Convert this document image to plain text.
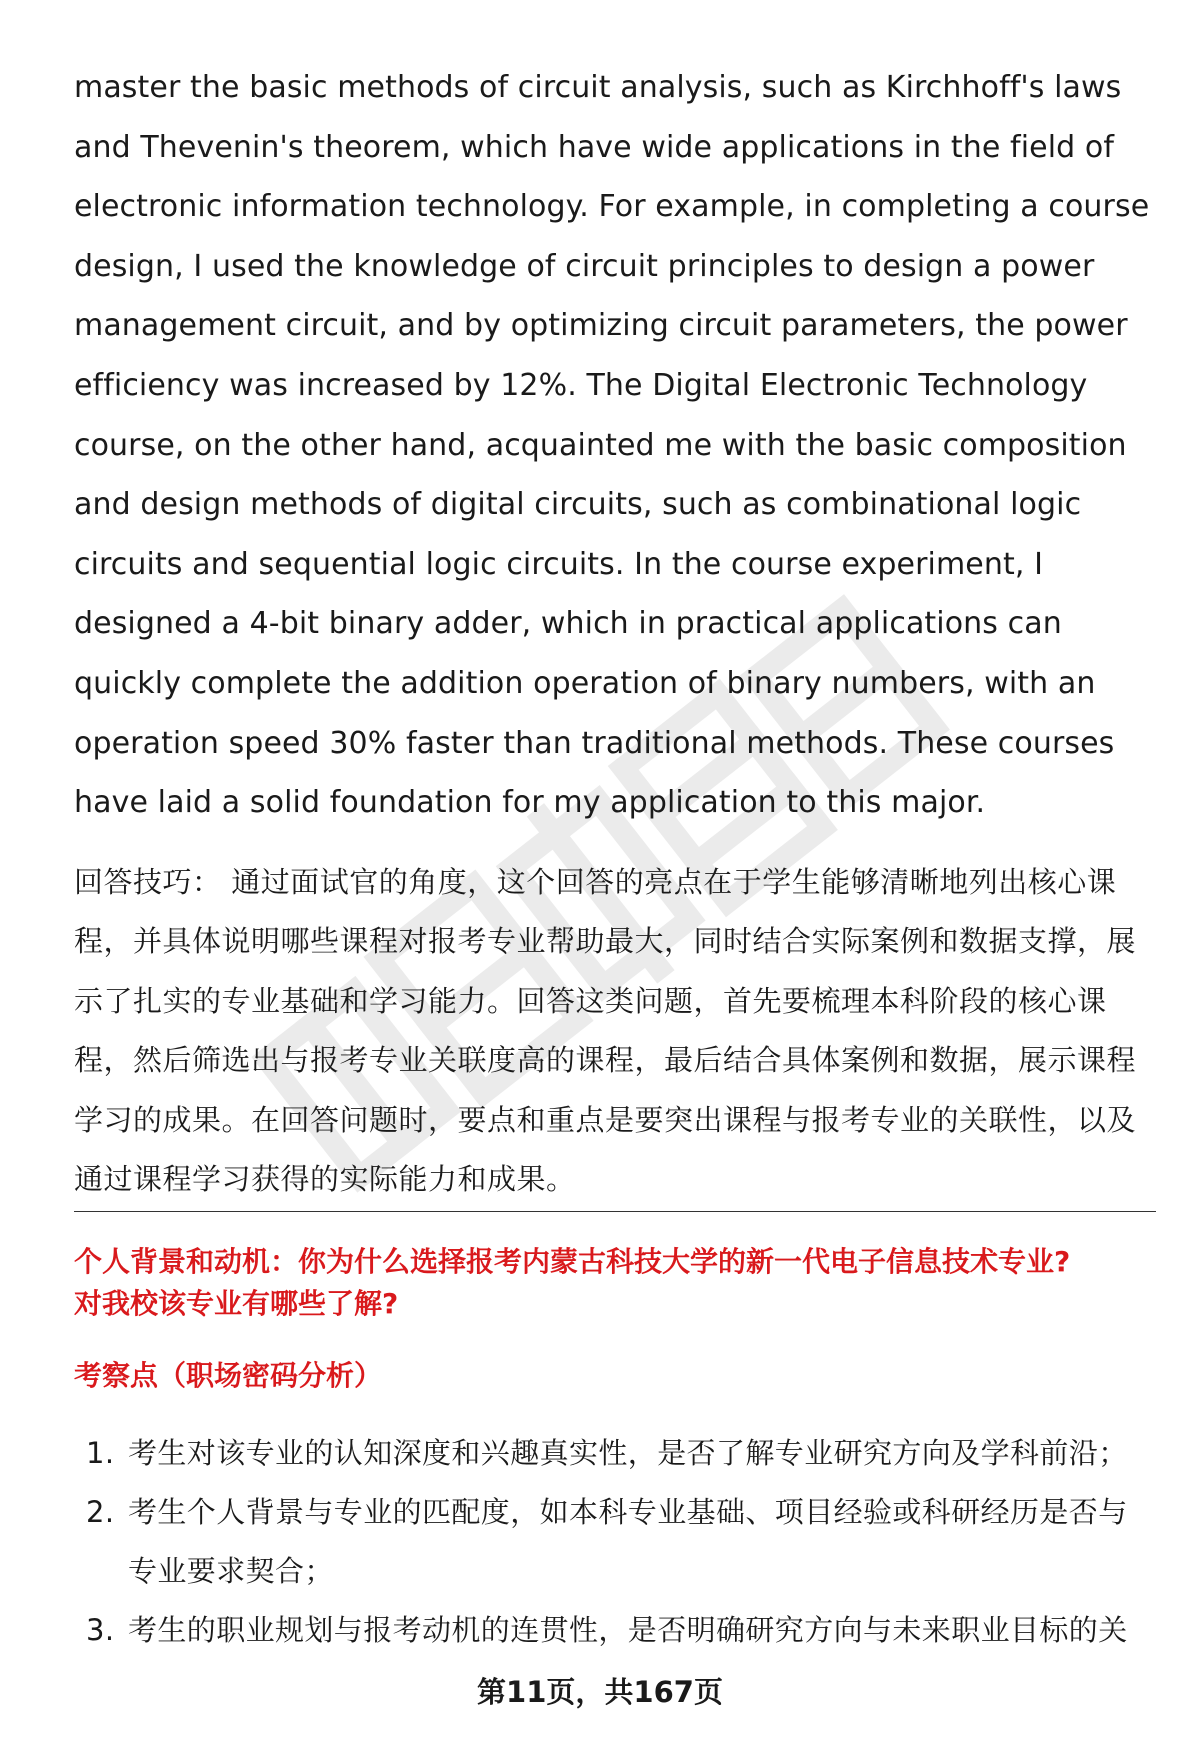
master the basic methods of circuit analysis, such as Kirchhoff's laws and Thevenin's theorem, which have wide applications in the field of electronic information technology. For example, in completing a course design, I used the knowledge of circuit principles to design a power management circuit, and by optimizing circuit parameters, the power efficiency was increased by 12%. The Digital Electronic Technology course, on the other hand, acquainted me with the basic composition and design methods of digital circuits, such as combinational logic circuits and sequential logic circuits. In the course experiment, I designed a 4-bit binary adder, which in practical applications can quickly complete the addition operation of binary numbers, with an operation speed 30% faster than traditional methods. These courses have laid a solid foundation for my application to this major.

回答技巧： 通过面试官的角度，这个回答的亮点在于学生能够清晰地列出核心课程，并具体说明哪些课程对报考专业帮助最大，同时结合实际案例和数据支撑，展示了扎实的专业基础和学习能力。回答这类问题，首先要梳理本科阶段的核心课程，然后筛选出与报考专业关联度高的课程，最后结合具体案例和数据，展示课程学习的成果。在回答问题时，要点和重点是要突出课程与报考专业的关联性，以及通过课程学习获得的实际能力和成果。

个人背景和动机：你为什么选择报考内蒙古科技大学的新一代电子信息技术专业?
对我校该专业有哪些了解?
考察点（职场密码分析）
1. 考生对该专业的认知深度和兴趣真实性，是否了解专业研究方向及学科前沿；
2. 考生个人背景与专业的匹配度，如本科专业基础、项目经验或科研经历是否与专业要求契合；
3. 考生的职业规划与报考动机的连贯性，是否明确研究方向与未来职业目标的关
第11页，共167页
